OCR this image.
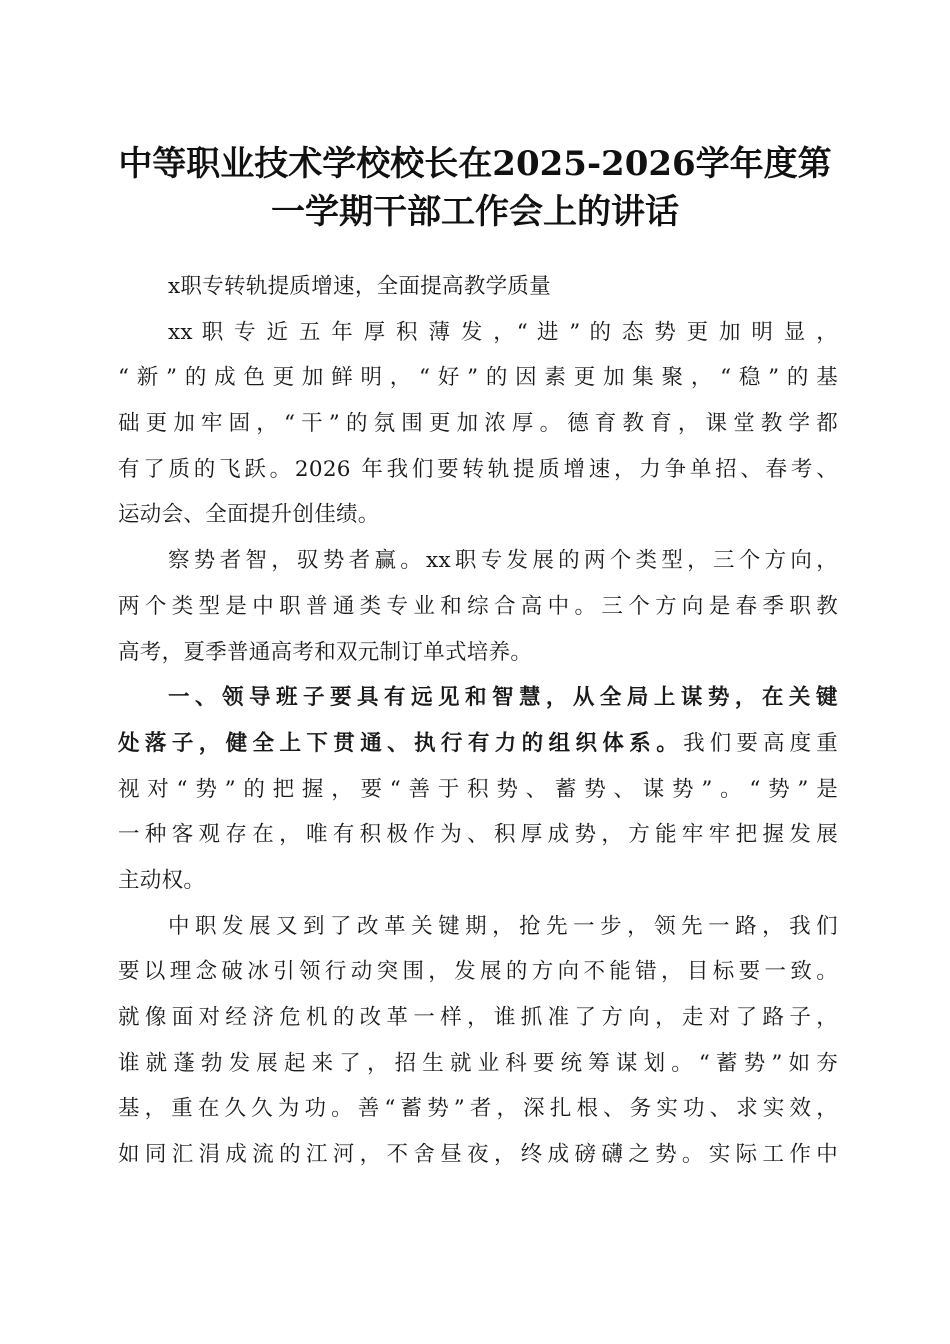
中等职业技术学校校长在2025-2026学年度第
一学期干部工作会上的讲话
x职专转轨提质增速，全面提高教学质量
xx 职 专 近 五 年 厚 积 薄 发 ，“ 进 ” 的 态 势 更 加 明 显 ，
“新”的成色更加鲜明，“好”的因素更加集聚，“稳”的基
础更加牢固，“干”的氛围更加浓厚。德育教育，课堂教学都
有了质的飞跃。2026 年我们要转轨提质增速，力争单招、春考、
运动会、全面提升创佳绩。
察势者智，驭势者赢。xx职专发展的两个类型，三个方向，
两个类型是中职普通类专业和综合高中。三个方向是春季职教
高考，夏季普通高考和双元制订单式培养。
一、领导班子要具有远见和智慧，从全局上谋势，在关键
处落子，健全上下贯通、执行有力的组织体系。我们要高度重
视对“势”的把握，要“善于积势、蓄势、谋势”。“势”是
一种客观存在，唯有积极作为、积厚成势，方能牢牢把握发展
主动权。
中职发展又到了改革关键期，抢先一步，领先一路，我们
要以理念破冰引领行动突围，发展的方向不能错，目标要一致。
就像面对经济危机的改革一样，谁抓准了方向，走对了路子，
谁就蓬勃发展起来了，招生就业科要统筹谋划。“蓄势”如夯
基，重在久久为功。善“蓄势”者，深扎根、务实功、求实效，
如同汇涓成流的江河，不舍昼夜，终成磅礴之势。实际工作中
